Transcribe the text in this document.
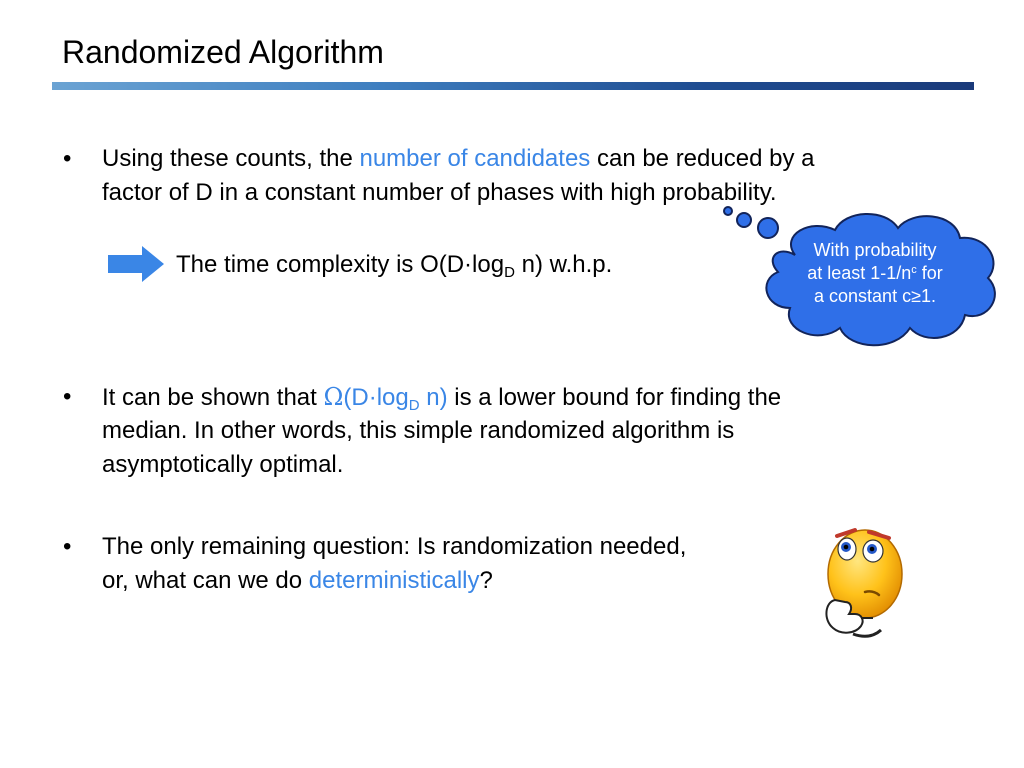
Randomized Algorithm
• Using these counts, the number of candidates can be reduced by a
factor of D in a constant number of phases with high probability.
The time complexity is $O(D\cdot\log_D$ n) w.h.p.
With probability
at least $1-1/n^c$ for
a constant c≥1.
• It can be shown that $\Omega(D\cdot\log_D$ n) is a lower bound for finding the
median. In other words, this simple randomized algorithm is
asymptotically optimal.
• The only remaining question: Is randomization needed,
or, what can we do deterministically?
